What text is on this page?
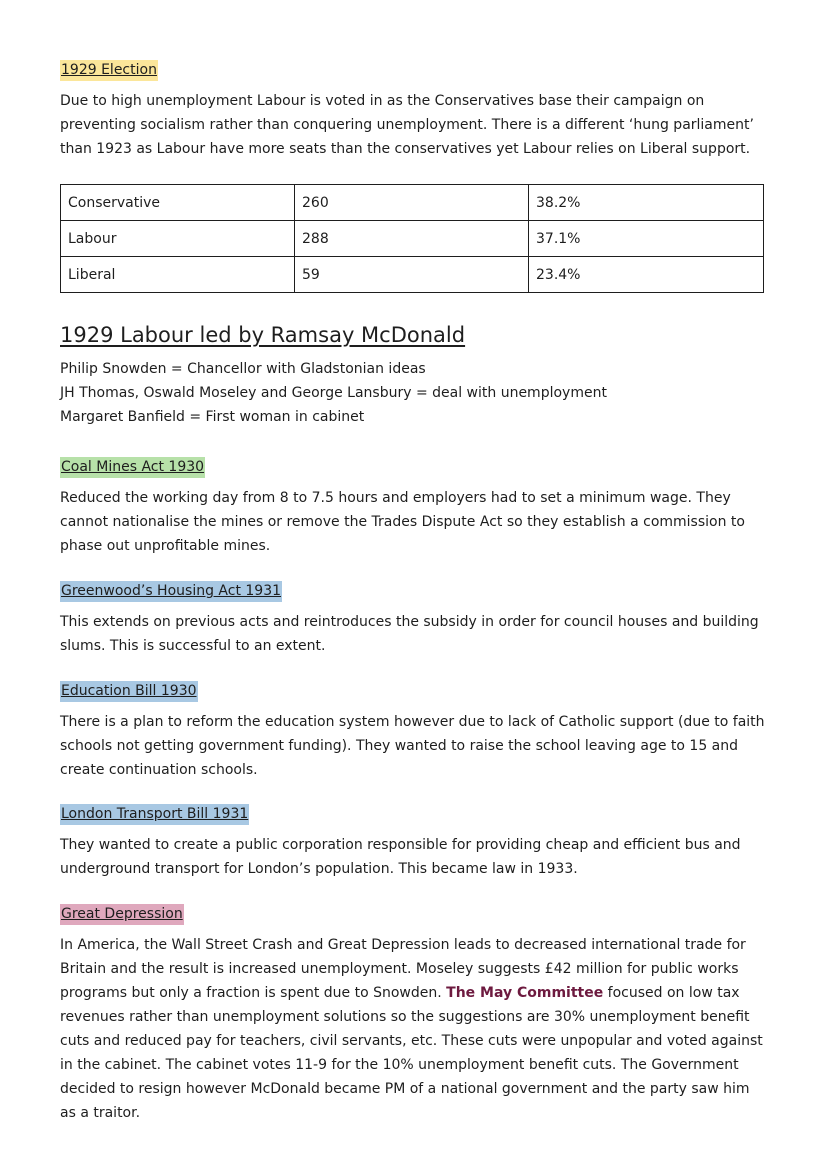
1929 Election

Due to high unemployment Labour is voted in as the Conservatives base their campaign on preventing socialism rather than conquering unemployment. There is a different ‘hung parliament’ than 1923 as Labour have more seats than the conservatives yet Labour relies on Liberal support.

Conservative	260	38.2%
Labour	288	37.1%
Liberal	59	23.4%
1929 Labour led by Ramsay McDonald

Philip Snowden = Chancellor with Gladstonian ideas

JH Thomas, Oswald Moseley and George Lansbury = deal with unemployment

Margaret Banfield = First woman in cabinet

Coal Mines Act 1930

Reduced the working day from 8 to 7.5 hours and employers had to set a minimum wage. They cannot nationalise the mines or remove the Trades Dispute Act so they establish a commission to phase out unprofitable mines.

Greenwood’s Housing Act 1931

This extends on previous acts and reintroduces the subsidy in order for council houses and building slums. This is successful to an extent.

Education Bill 1930

There is a plan to reform the education system however due to lack of Catholic support (due to faith schools not getting government funding). They wanted to raise the school leaving age to 15 and create continuation schools.

London Transport Bill 1931

They wanted to create a public corporation responsible for providing cheap and efficient bus and underground transport for London’s population. This became law in 1933.

Great Depression

In America, the Wall Street Crash and Great Depression leads to decreased international trade for Britain and the result is increased unemployment. Moseley suggests £42 million for public works programs but only a fraction is spent due to Snowden. The May Committee focused on low tax revenues rather than unemployment solutions so the suggestions are 30% unemployment benefit cuts and reduced pay for teachers, civil servants, etc. These cuts were unpopular and voted against in the cabinet. The cabinet votes 11-9 for the 10% unemployment benefit cuts. The Government decided to resign however McDonald became PM of a national government and the party saw him as a traitor.
